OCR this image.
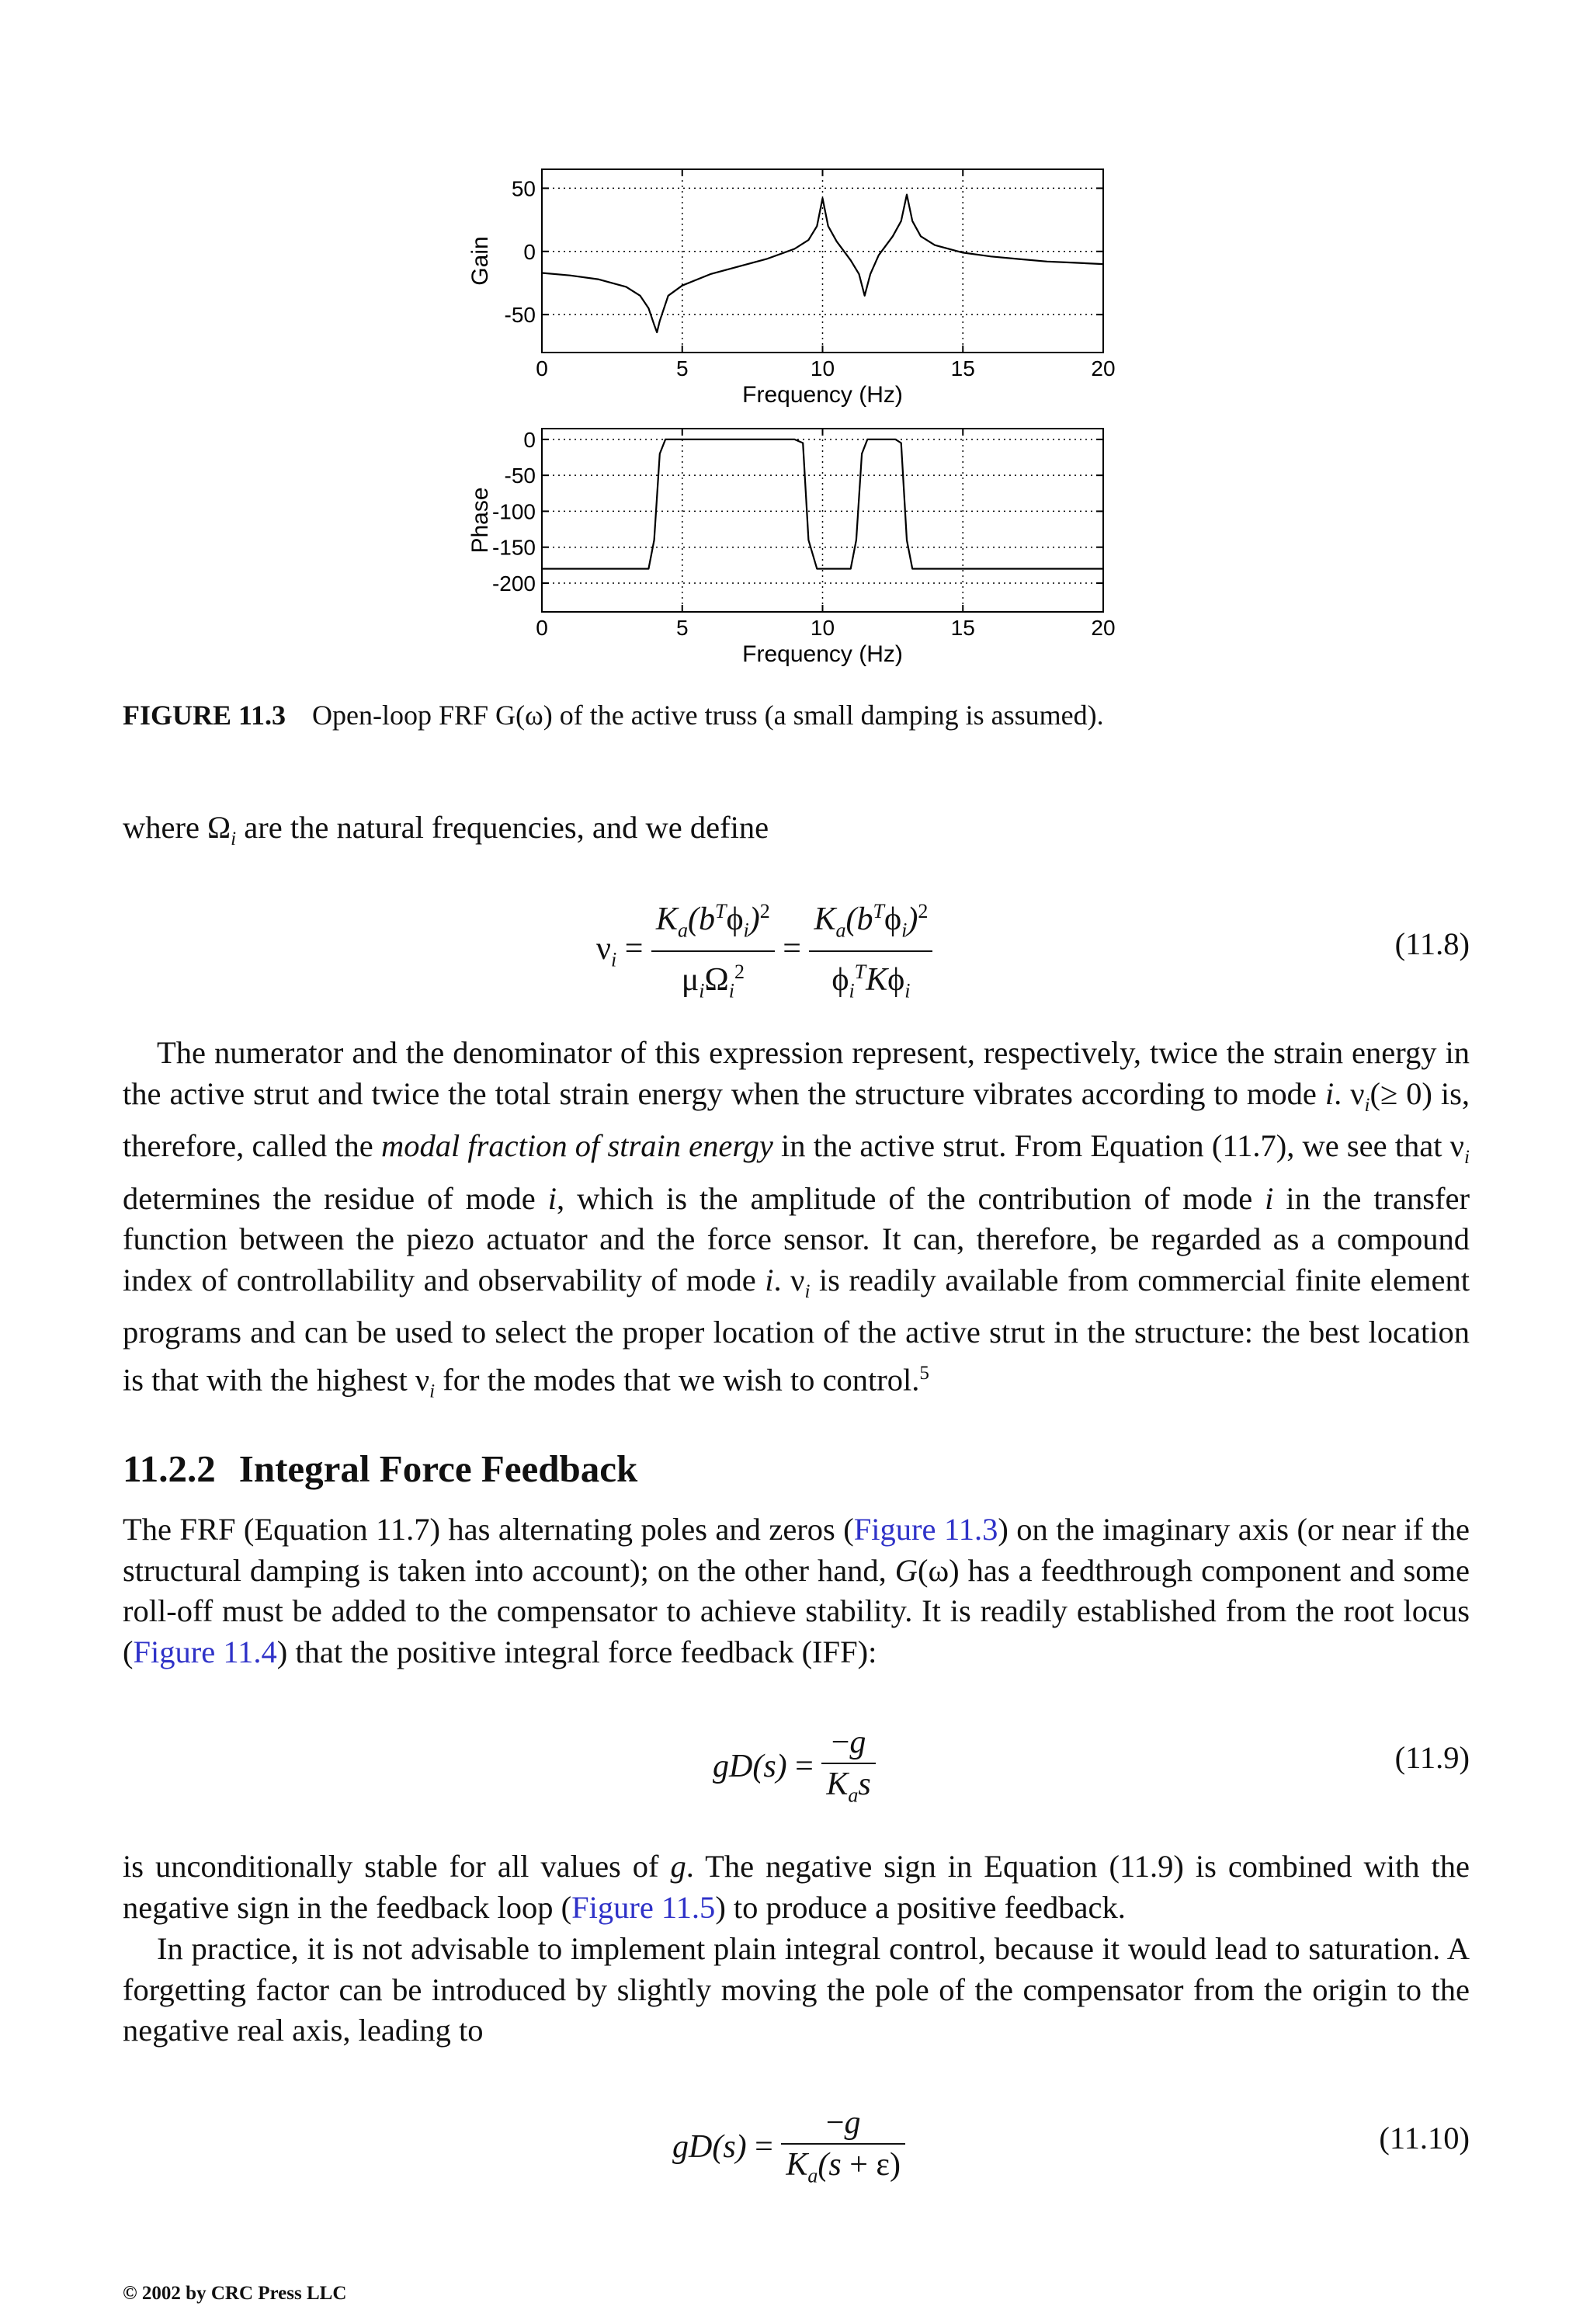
0	5	10	15	20
50
0
-50
Frequency (Hz)
Gain
0	5	10	15	20
0
-50
-100
-150
-200
Frequency (Hz)
Phase
FIGURE 11.3 Open-loop FRF G(ω) of the active truss (a small damping is assumed).
where $\Omega_i$ are the natural frequencies, and we define
$\nu_i = \frac{K_a(b^T\phi_i)^2}{\mu_i\Omega_i^2} = \frac{K_a(b^T\phi_i)^2}{\phi_i^TK\phi_i}$	(11.8)

The numerator and the denominator of this expression represent, respectively, twice the strain energy in the active strut and twice the total strain energy when the structure vibrates according to mode i. $\nu_i(\ge 0)$ is, therefore, called the modal fraction of strain energy in the active strut. From Equation (11.7), we see that $\nu_i$ determines the residue of mode i, which is the amplitude of the contribution of mode i in the transfer function between the piezo actuator and the force sensor. It can, therefore, be regarded as a compound index of controllability and observability of mode i. $\nu_i$ is readily available from commercial finite element programs and can be used to select the proper location of the active strut in the structure: the best location is that with the highest $\nu_i$ for the modes that we wish to control.$^5$

11.2.2 Integral Force Feedback

The FRF (Equation 11.7) has alternating poles and zeros (Figure 11.3) on the imaginary axis (or near if the structural damping is taken into account); on the other hand, G(ω) has a feedthrough component and some roll-off must be added to the compensator to achieve stability. It is readily established from the root locus (Figure 11.4) that the positive integral force feedback (IFF):

$gD(s) = \frac{-g}{K_as}$	(11.9)

is unconditionally stable for all values of g. The negative sign in Equation (11.9) is combined with the negative sign in the feedback loop (Figure 11.5) to produce a positive feedback.

In practice, it is not advisable to implement plain integral control, because it would lead to saturation. A forgetting factor can be introduced by slightly moving the pole of the compensator from the origin to the negative real axis, leading to

$gD(s) = \frac{-g}{K_a(s + \varepsilon)}$	(11.10)
© 2002 by CRC Press LLC
